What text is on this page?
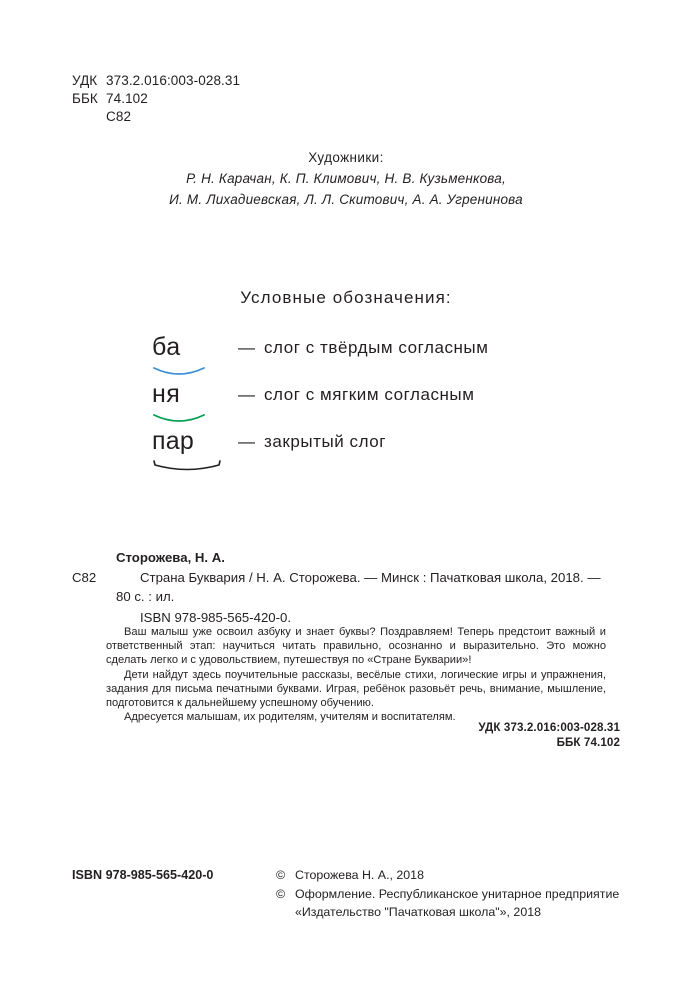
УДК 373.2.016:003-028.31
ББК 74.102
С82
Художники:
Р. Н. Карачан, К. П. Климович, Н. В. Кузьменкова,
И. М. Лихадиевская, Л. Л. Скитович, А. А. Угренинова
Условные обозначения:
ба	— слог с твёрдым согласным
ня	— слог с мягким согласным
пар	— закрытый слог
Сторожева, Н. А.
С82	Страна Буквария / Н. А. Сторожева. — Минск : Пачатковая школа, 2018. — 80 с. : ил.
ISBN 978-985-565-420-0.

Ваш малыш уже освоил азбуку и знает буквы? Поздравляем! Теперь предстоит важный и ответственный этап: научиться читать правильно, осознанно и выразительно. Это можно сделать легко и с удовольствием, путешествуя по «Стране Букварии»!

Дети найдут здесь поучительные рассказы, весёлые стихи, логические игры и упражнения, задания для письма печатными буквами. Играя, ребёнок разовьёт речь, внимание, мышление, подготовится к дальнейшему успешному обучению.

Адресуется малышам, их родителям, учителям и воспитателям.

УДК 373.2.016:003-028.31
ББК 74.102
ISBN 978-985-565-420-0	© Сторожева Н. А., 2018
© Оформление. Республиканское унитарное предприятие
«Издательство "Пачатковая школа"», 2018
